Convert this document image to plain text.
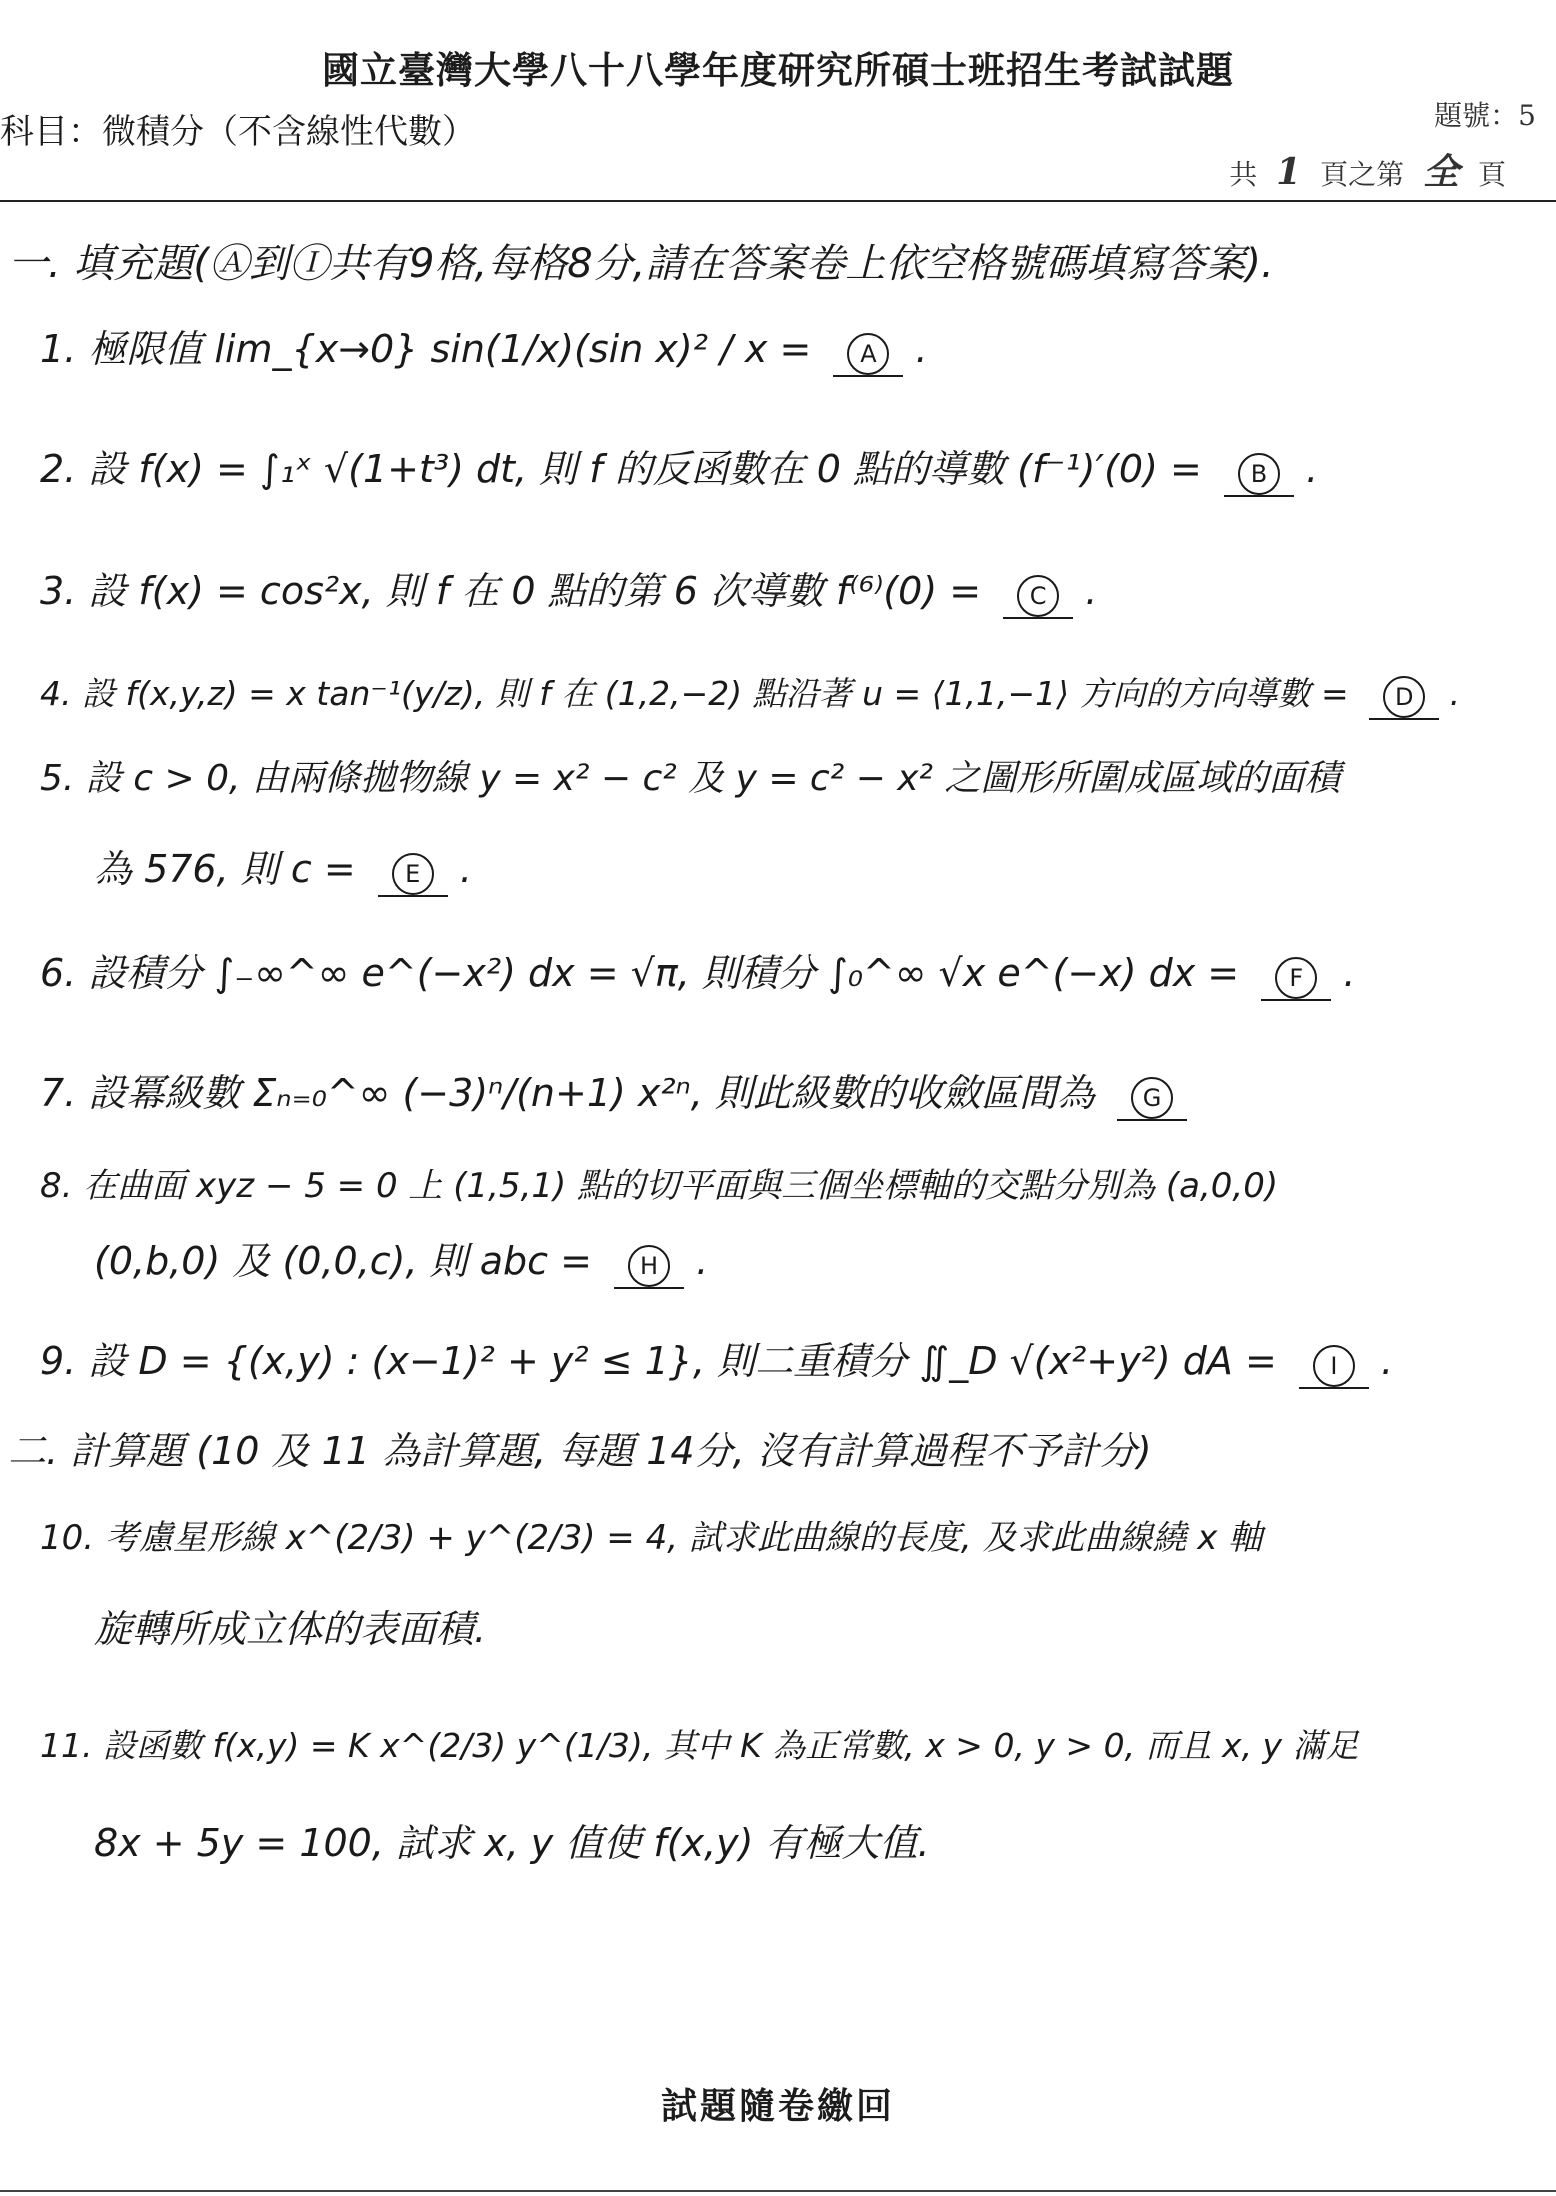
國立臺灣大學八十八學年度研究所碩士班招生考試試題
科目：微積分（不含線性代數）	題號：5
共 1 頁之第 全 頁
一. 填充題(Ⓐ到Ⓘ共有9格,每格8分,請在答案卷上依空格號碼填寫答案).
1. 極限值 lim_{x→0} sin(1/x)(sin x)² / x = A .
2. 設 f(x) = ∫₁ˣ √(1+t³) dt, 則 f 的反函數在 0 點的導數 (f⁻¹)′(0) = B .
3. 設 f(x) = cos²x, 則 f 在 0 點的第 6 次導數 f⁽⁶⁾(0) = C .
4. 設 f(x,y,z) = x tan⁻¹(y/z), 則 f 在 (1,2,−2) 點沿著 u = ⟨1,1,−1⟩ 方向的方向導數 = D .
5. 設 c > 0, 由兩條拋物線 y = x² − c² 及 y = c² − x² 之圖形所圍成區域的面積
為 576, 則 c = E .
6. 設積分 ∫₋∞^∞ e^(−x²) dx = √π, 則積分 ∫₀^∞ √x e^(−x) dx = F .
7. 設冪級數 Σₙ₌₀^∞ (−3)ⁿ/(n+1) x²ⁿ, 則此級數的收斂區間為 G
8. 在曲面 xyz − 5 = 0 上 (1,5,1) 點的切平面與三個坐標軸的交點分別為 (a,0,0)
(0,b,0) 及 (0,0,c), 則 abc = H .
9. 設 D = {(x,y) : (x−1)² + y² ≤ 1}, 則二重積分 ∬_D √(x²+y²) dA = I .
二. 計算題 (10 及 11 為計算題, 每題 14分, 沒有計算過程不予計分)
10. 考慮星形線 x^(2/3) + y^(2/3) = 4, 試求此曲線的長度, 及求此曲線繞 x 軸
旋轉所成立体的表面積.
11. 設函數 f(x,y) = K x^(2/3) y^(1/3), 其中 K 為正常數, x > 0, y > 0, 而且 x, y 滿足
8x + 5y = 100, 試求 x, y 值使 f(x,y) 有極大值.
試題隨卷繳回
